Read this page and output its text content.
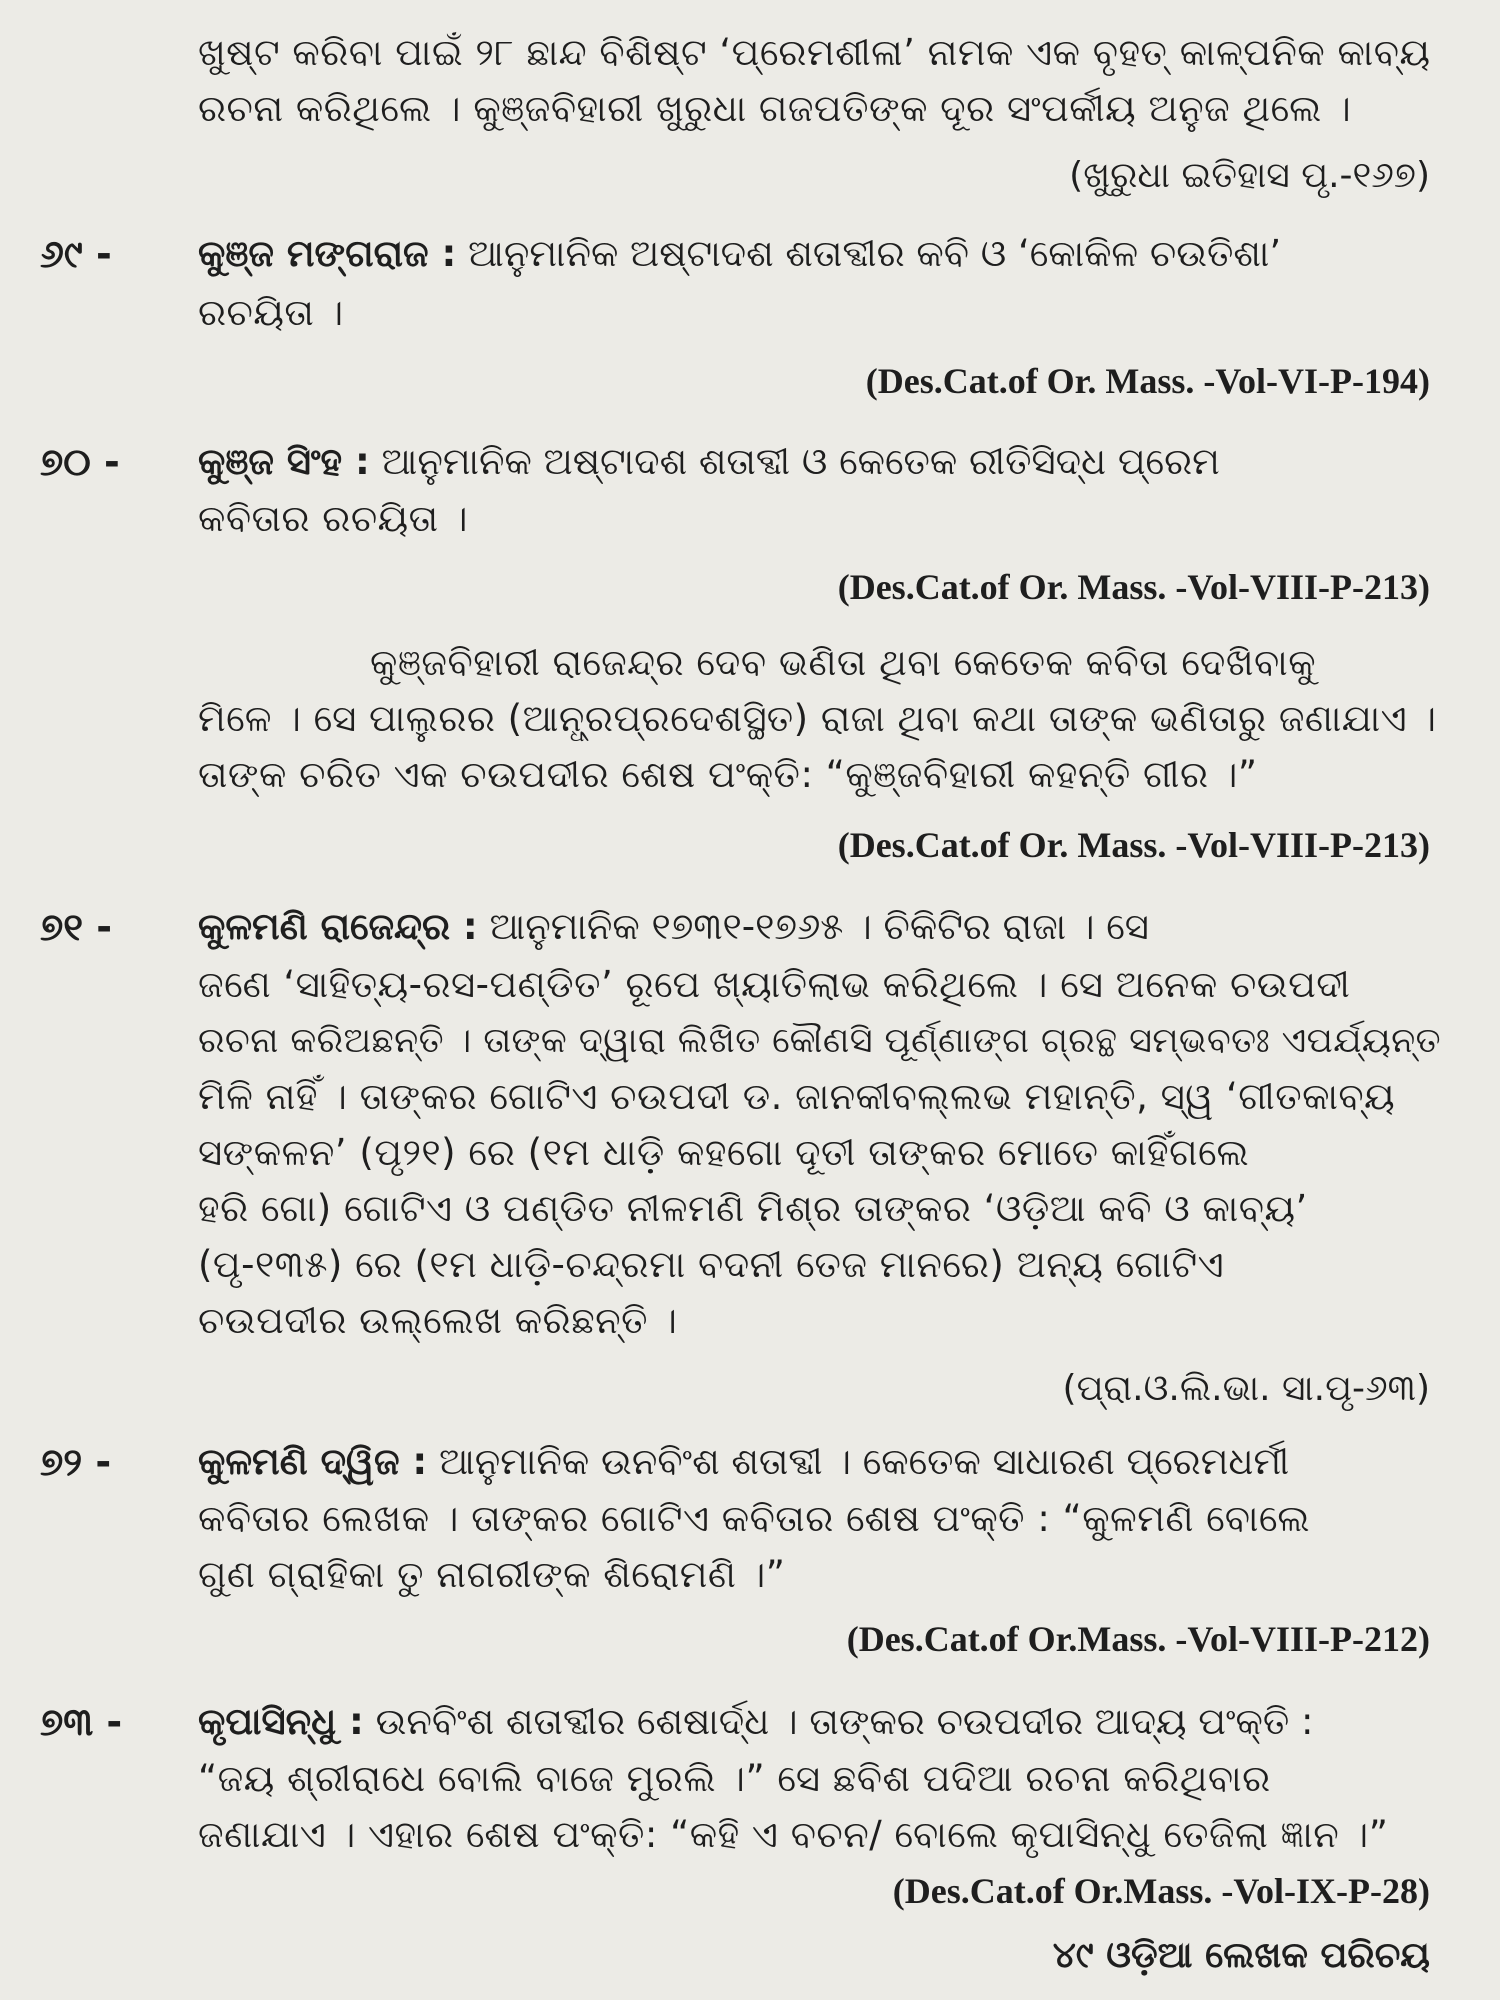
ଖୁଷ୍ଟ କରିବା ପାଇଁ ୨୮ ଛାନ୍ଦ ବିଶିଷ୍ଟ ‘ପ୍ରେମଶୀଳା’ ନାମକ ଏକ ବୃହତ୍ କାଳ୍ପନିକ କାବ୍ୟ
ରଚନା କରିଥିଲେ । କୁଞ୍ଜବିହାରୀ ଖୁରୁଧା ଗଜପତିଙ୍କ ଦୂର ସଂପର୍କୀୟ ଅନୁଜ ଥିଲେ ।
(ଖୁରୁଧା ଇତିହାସ ପୃ.-୧୬୭)
୬୯ - କୁଞ୍ଜ ମଙ୍ଗରାଜ : ଆନୁମାନିକ ଅଷ୍ଟାଦଶ ଶତାବ୍ଦୀର କବି ଓ ‘କୋକିଳ ଚଉତିଶା’
ରଚୟିତା ।
(Des.Cat.of Or. Mass. -Vol-VI-P-194)
୭୦ - କୁଞ୍ଜ ସିଂହ : ଆନୁମାନିକ ଅଷ୍ଟାଦଶ ଶତାବ୍ଦୀ ଓ କେତେକ ରୀତିସିଦ୍ଧ ପ୍ରେମ
କବିତାର ରଚୟିତା ।
(Des.Cat.of Or. Mass. -Vol-VIII-P-213)
କୁଞ୍ଜବିହାରୀ ରାଜେନ୍ଦ୍ର ଦେବ ଭଣିତା ଥିବା କେତେକ କବିତା ଦେଖିବାକୁ
ମିଳେ । ସେ ପାଲୁରର (ଆନ୍ଧ୍ରପ୍ରଦେଶସ୍ଥିତ) ରାଜା ଥିବା କଥା ତାଙ୍କ ଭଣିତାରୁ ଜଣାଯାଏ ।
ତାଙ୍କ ଚରିତ ଏକ ଚଉପଦୀର ଶେଷ ପଂକ୍ତି: “କୁଞ୍ଜବିହାରୀ କହନ୍ତି ଗୀର ।”
(Des.Cat.of Or. Mass. -Vol-VIII-P-213)
୭୧ - କୁଳମଣି ରାଜେନ୍ଦ୍ର : ଆନୁମାନିକ ୧୭୩୧-୧୭୬୫ । ଚିକିଟିର ରାଜା । ସେ
ଜଣେ ‘ସାହିତ୍ୟ-ରସ-ପଣ୍ଡିତ’ ରୂପେ ଖ୍ୟାତିଲାଭ କରିଥିଲେ । ସେ ଅନେକ ଚଉପଦୀ
ରଚନା କରିଅଛନ୍ତି । ତାଙ୍କ ଦ୍ୱାରା ଲିଖିତ କୌଣସି ପୂର୍ଣ୍ଣାଙ୍ଗ ଗ୍ରନ୍ଥ ସମ୍ଭବତଃ ଏପର୍ଯ୍ୟନ୍ତ
ମିଳି ନାହିଁ । ତାଙ୍କର ଗୋଟିଏ ଚଉପଦୀ ଡ. ଜାନକୀବଲ୍ଲଭ ମହାନ୍ତି, ସ୍ୱ ‘ଗୀତକାବ୍ୟ
ସଙ୍କଳନ’ (ପୃ୨୧) ରେ (୧ମ ଧାଡ଼ି କହଗୋ ଦୂତୀ ତାଙ୍କର ମୋତେ କାହିଁଗଲେ
ହରି ଗୋ) ଗୋଟିଏ ଓ ପଣ୍ଡିତ ନୀଳମଣି ମିଶ୍ର ତାଙ୍କର ‘ଓଡ଼ିଆ କବି ଓ କାବ୍ୟ’
(ପୃ-୧୩୫) ରେ (୧ମ ଧାଡ଼ି-ଚନ୍ଦ୍ରମା ବଦନୀ ତେଜ ମାନରେ) ଅନ୍ୟ ଗୋଟିଏ
ଚଉପଦୀର ଉଲ୍ଲେଖ କରିଛନ୍ତି ।
(ପ୍ରା.ଓ.ଲି.ଭା. ସା.ପୃ-୬୩)
୭୨ - କୁଳମଣି ଦ୍ୱିଜ : ଆନୁମାନିକ ଉନବିଂଶ ଶତାବ୍ଦୀ । କେତେକ ସାଧାରଣ ପ୍ରେମଧର୍ମୀ
କବିତାର ଲେଖକ । ତାଙ୍କର ଗୋଟିଏ କବିତାର ଶେଷ ପଂକ୍ତି : “କୁଳମଣି ବୋଲେ
ଗୁଣ ଗ୍ରାହିକା ତୁ ନାଗରୀଙ୍କ ଶିରୋମଣି ।”
(Des.Cat.of Or.Mass. -Vol-VIII-P-212)
୭୩ - କୃପାସିନ୍ଧୁ : ଉନବିଂଶ ଶତାବ୍ଦୀର ଶେଷାର୍ଦ୍ଧ । ତାଙ୍କର ଚଉପଦୀର ଆଦ୍ୟ ପଂକ୍ତି :
“ଜୟ ଶ୍ରୀରାଧେ ବୋଲି ବାଜେ ମୁରଲି ।” ସେ ଛବିଶ ପଦିଆ ରଚନା କରିଥିବାର
ଜଣାଯାଏ । ଏହାର ଶେଷ ପଂକ୍ତି: “କହି ଏ ବଚନ/ ବୋଲେ କୃପାସିନ୍ଧୁ ତେଜିଲା ଜ୍ଞାନ ।”
(Des.Cat.of Or.Mass. -Vol-IX-P-28)
୪୯ ଓଡ଼ିଆ ଲେଖକ ପରିଚୟ
